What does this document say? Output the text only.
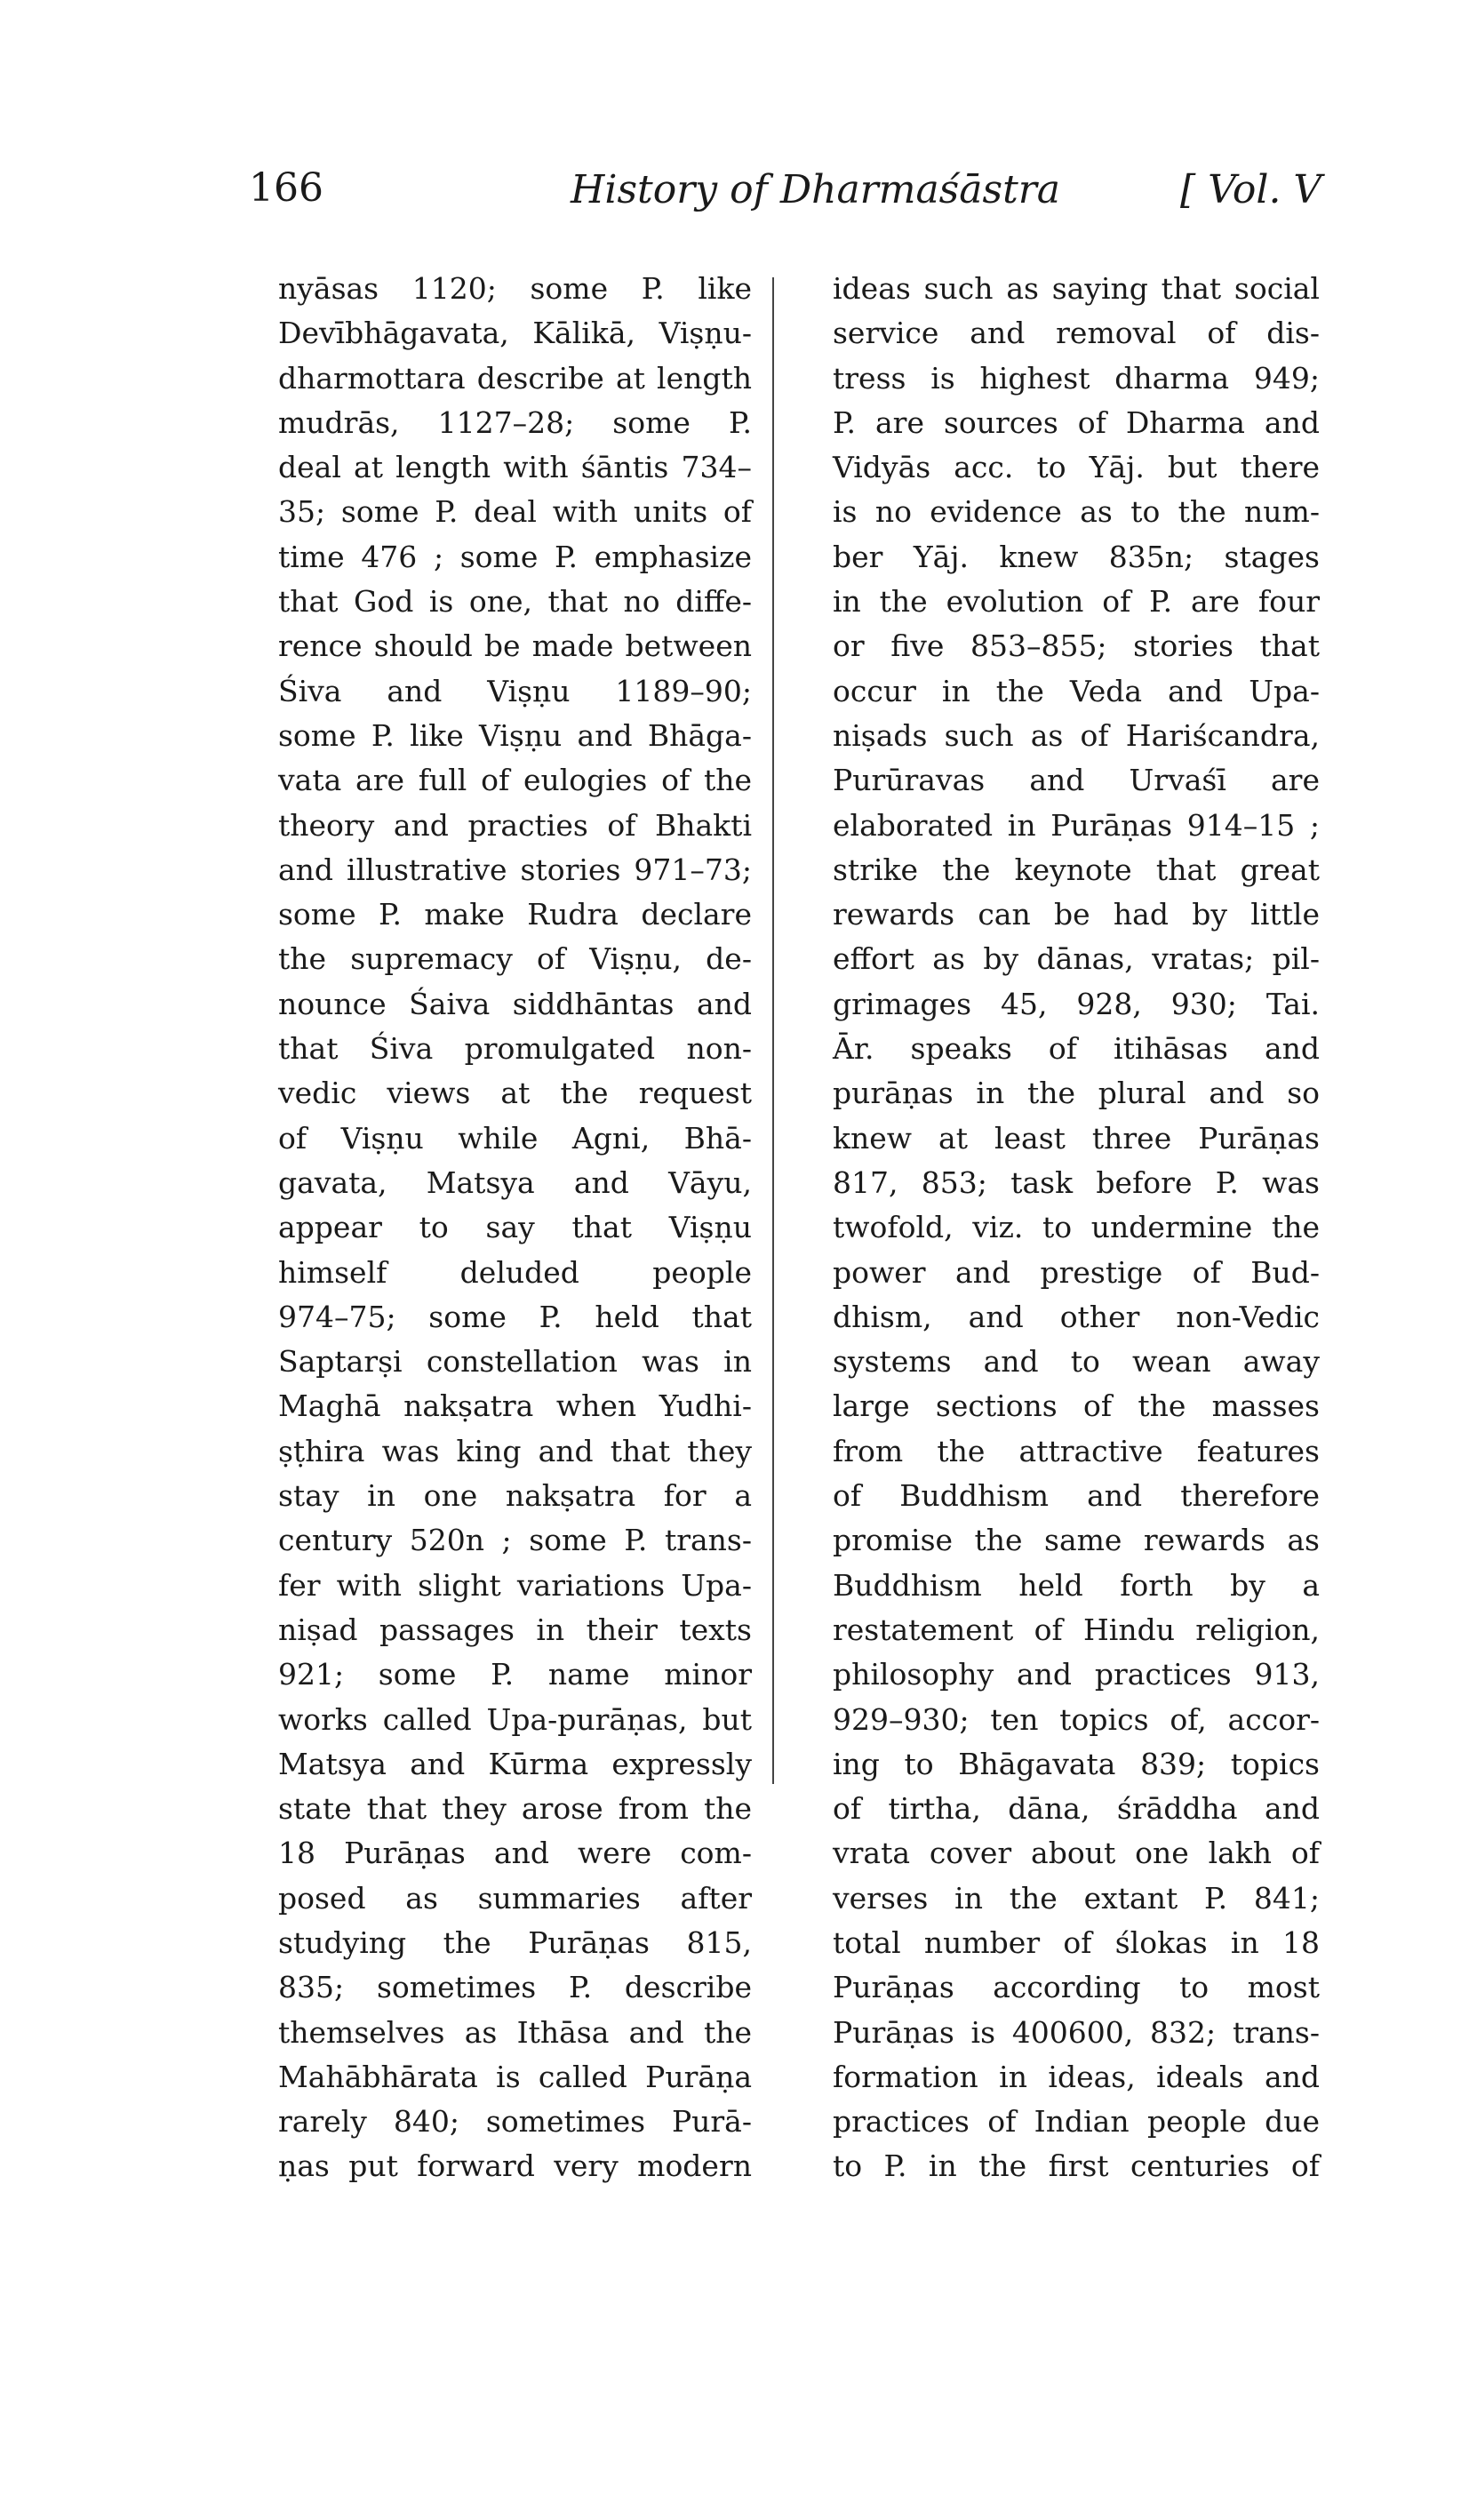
166	History of Dharmaśāstra	[ Vol. V
nyāsas 1120; some P. like
Devībhāgavata, Kālikā, Viṣṇu-
dharmottara describe at length
mudrās, 1127–28; some P.
deal at length with śāntis 734–
35; some P. deal with units of
time 476 ; some P. emphasize
that God is one, that no diffe-
rence should be made between
Śiva and Viṣṇu 1189–90;
some P. like Viṣṇu and Bhāga-
vata are full of eulogies of the
theory and practies of Bhakti
and illustrative stories 971–73;
some P. make Rudra declare
the supremacy of Viṣṇu, de-
nounce Śaiva siddhāntas and
that Śiva promulgated non-
vedic views at the request
of Viṣṇu while Agni, Bhā-
gavata, Matsya and Vāyu,
appear to say that Viṣṇu
himself deluded people
974–75; some P. held that
Saptarṣi constellation was in
Maghā nakṣatra when Yudhi-
ṣṭhira was king and that they
stay in one nakṣatra for a
century 520n ; some P. trans-
fer with slight variations Upa-
niṣad passages in their texts
921; some P. name minor
works called Upa-purāṇas, but
Matsya and Kūrma expressly
state that they arose from the
18 Purāṇas and were com-
posed as summaries after
studying the Purāṇas 815,
835; sometimes P. describe
themselves as Ithāsa and the
Mahābhārata is called Purāṇa
rarely 840; sometimes Purā-
ṇas put forward very modern
ideas such as saying that social
service and removal of dis-
tress is highest dharma 949;
P. are sources of Dharma and
Vidyās acc. to Yāj. but there
is no evidence as to the num-
ber Yāj. knew 835n; stages
in the evolution of P. are four
or five 853–855; stories that
occur in the Veda and Upa-
niṣads such as of Hariścandra,
Purūravas and Urvaśī are
elaborated in Purāṇas 914–15 ;
strike the keynote that great
rewards can be had by little
effort as by dānas, vratas; pil-
grimages 45, 928, 930; Tai.
Ār. speaks of itihāsas and
purāṇas in the plural and so
knew at least three Purāṇas
817, 853; task before P. was
twofold, viz. to undermine the
power and prestige of Bud-
dhism, and other non-Vedic
systems and to wean away
large sections of the masses
from the attractive features
of Buddhism and therefore
promise the same rewards as
Buddhism held forth by a
restatement of Hindu religion,
philosophy and practices 913,
929–930; ten topics of, accor-
ing to Bhāgavata 839; topics
of tirtha, dāna, śrāddha and
vrata cover about one lakh of
verses in the extant P. 841;
total number of ślokas in 18
Purāṇas according to most
Purāṇas is 400600, 832; trans-
formation in ideas, ideals and
practices of Indian people due
to P. in the first centuries of
